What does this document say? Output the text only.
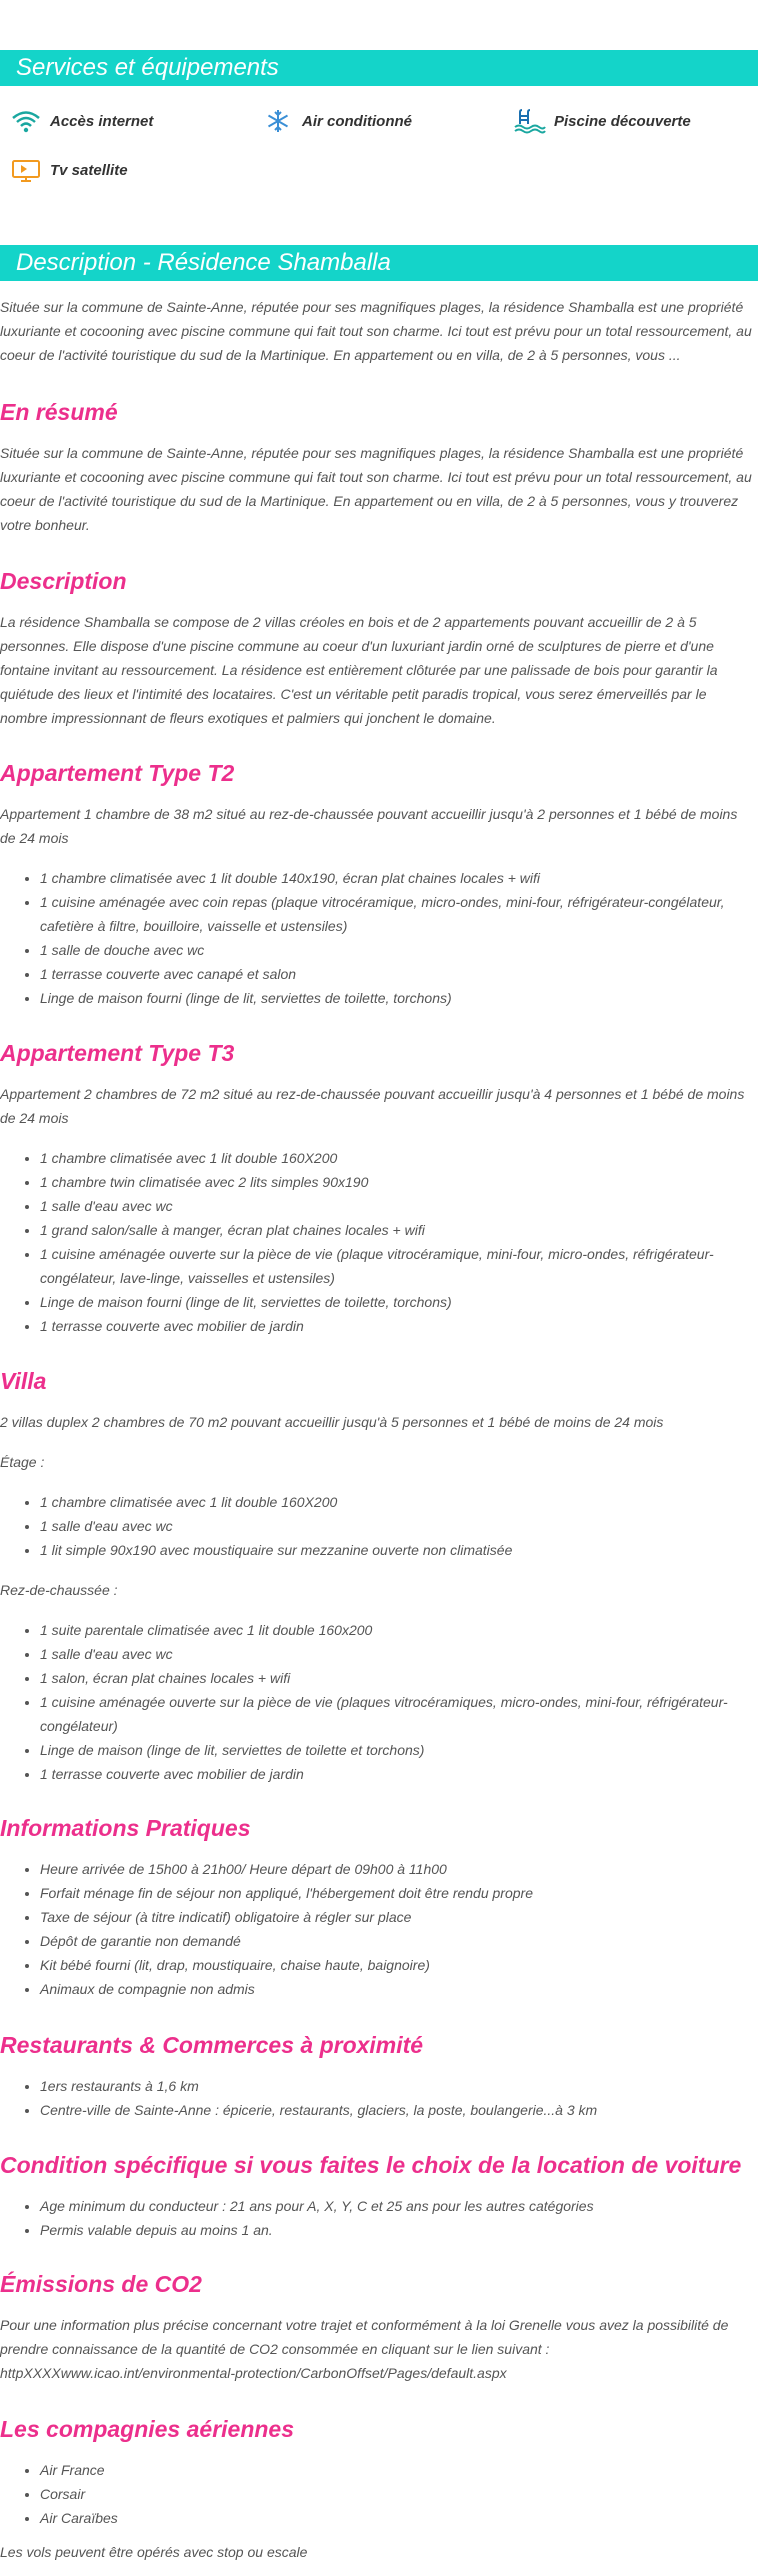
Services et équipements
Accès internet	Air conditionné	Piscine découverte
Tv satellite
Description - Résidence Shamballa
Située sur la commune de Sainte-Anne, réputée pour ses magnifiques plages, la résidence Shamballa est une propriété luxuriante et cocooning avec piscine commune qui fait tout son charme. Ici tout est prévu pour un total ressourcement, au coeur de l'activité touristique du sud de la Martinique. En appartement ou en villa, de 2 à 5 personnes, vous ...
En résumé
Située sur la commune de Sainte-Anne, réputée pour ses magnifiques plages, la résidence Shamballa est une propriété luxuriante et cocooning avec piscine commune qui fait tout son charme. Ici tout est prévu pour un total ressourcement, au coeur de l'activité touristique du sud de la Martinique. En appartement ou en villa, de 2 à 5 personnes, vous y trouverez votre bonheur.
Description
La résidence Shamballa se compose de 2 villas créoles en bois et de 2 appartements pouvant accueillir de 2 à 5 personnes. Elle dispose d'une piscine commune au coeur d'un luxuriant jardin orné de sculptures de pierre et d'une fontaine invitant au ressourcement. La résidence est entièrement clôturée par une palissade de bois pour garantir la quiétude des lieux et l'intimité des locataires. C'est un véritable petit paradis tropical, vous serez émerveillés par le nombre impressionnant de fleurs exotiques et palmiers qui jonchent le domaine.
Appartement Type T2
Appartement 1 chambre de 38 m2 situé au rez-de-chaussée pouvant accueillir jusqu'à 2 personnes et 1 bébé de moins de 24 mois
• 1 chambre climatisée avec 1 lit double 140x190, écran plat chaines locales + wifi
• 1 cuisine aménagée avec coin repas (plaque vitrocéramique, micro-ondes, mini-four, réfrigérateur-congélateur, cafetière à filtre, bouilloire, vaisselle et ustensiles)
• 1 salle de douche avec wc
• 1 terrasse couverte avec canapé et salon
• Linge de maison fourni (linge de lit, serviettes de toilette, torchons)
Appartement Type T3
Appartement 2 chambres de 72 m2 situé au rez-de-chaussée pouvant accueillir jusqu'à 4 personnes et 1 bébé de moins de 24 mois
• 1 chambre climatisée avec 1 lit double 160X200
• 1 chambre twin climatisée avec 2 lits simples 90x190
• 1 salle d'eau avec wc
• 1 grand salon/salle à manger, écran plat chaines locales + wifi
• 1 cuisine aménagée ouverte sur la pièce de vie (plaque vitrocéramique, mini-four, micro-ondes, réfrigérateur-congélateur, lave-linge, vaisselles et ustensiles)
• Linge de maison fourni (linge de lit, serviettes de toilette, torchons)
• 1 terrasse couverte avec mobilier de jardin
Villa
2 villas duplex 2 chambres de 70 m2 pouvant accueillir jusqu'à 5 personnes et 1 bébé de moins de 24 mois
Étage :
• 1 chambre climatisée avec 1 lit double 160X200
• 1 salle d'eau avec wc
• 1 lit simple 90x190 avec moustiquaire sur mezzanine ouverte non climatisée
Rez-de-chaussée :
• 1 suite parentale climatisée avec 1 lit double 160x200
• 1 salle d'eau avec wc
• 1 salon, écran plat chaines locales + wifi
• 1 cuisine aménagée ouverte sur la pièce de vie (plaques vitrocéramiques, micro-ondes, mini-four, réfrigérateur-congélateur)
• Linge de maison (linge de lit, serviettes de toilette et torchons)
• 1 terrasse couverte avec mobilier de jardin
Informations Pratiques
• Heure arrivée de 15h00 à 21h00/ Heure départ de 09h00 à 11h00
• Forfait ménage fin de séjour non appliqué, l'hébergement doit être rendu propre
• Taxe de séjour (à titre indicatif) obligatoire à régler sur place
• Dépôt de garantie non demandé
• Kit bébé fourni (lit, drap, moustiquaire, chaise haute, baignoire)
• Animaux de compagnie non admis
Restaurants & Commerces à proximité
• 1ers restaurants à 1,6 km
• Centre-ville de Sainte-Anne : épicerie, restaurants, glaciers, la poste, boulangerie...à 3 km
Condition spécifique si vous faites le choix de la location de voiture
• Age minimum du conducteur : 21 ans pour A, X, Y, C et 25 ans pour les autres catégories
• Permis valable depuis au moins 1 an.
Émissions de CO2
Pour une information plus précise concernant votre trajet et conformément à la loi Grenelle vous avez la possibilité de prendre connaissance de la quantité de CO2 consommée en cliquant sur le lien suivant : httpXXXXwww.icao.int/environmental-protection/CarbonOffset/Pages/default.aspx
Les compagnies aériennes
• Air France
• Corsair
• Air Caraïbes
Les vols peuvent être opérés avec stop ou escale
